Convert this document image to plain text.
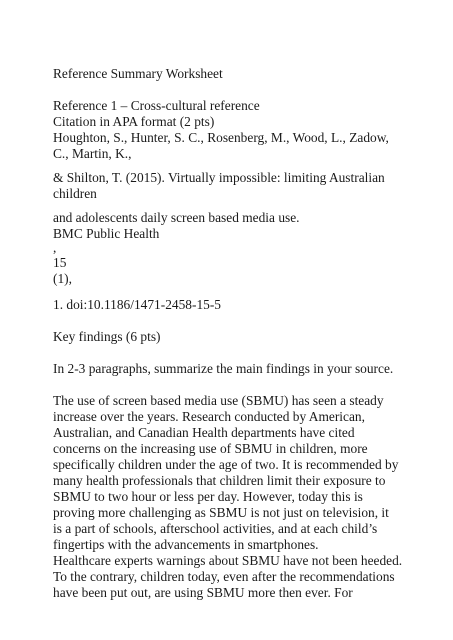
Reference Summary Worksheet

Reference 1 – Cross-cultural reference

Citation in APA format (2 pts)

Houghton, S., Hunter, S. C., Rosenberg, M., Wood, L., Zadow,

C., Martin, K.,

& Shilton, T. (2015). Virtually impossible: limiting Australian

children

and adolescents daily screen based media use.

BMC Public Health

,

15

(1),

1. doi:10.1186/1471-2458-15-5

Key findings (6 pts)

In 2-3 paragraphs, summarize the main findings in your source.

The use of screen based media use (SBMU) has seen a steady

increase over the years. Research conducted by American,

Australian, and Canadian Health departments have cited

concerns on the increasing use of SBMU in children, more

specifically children under the age of two. It is recommended by

many health professionals that children limit their exposure to

SBMU to two hour or less per day. However, today this is

proving more challenging as SBMU is not just on television, it

is a part of schools, afterschool activities, and at each child’s

fingertips with the advancements in smartphones.

Healthcare experts warnings about SBMU have not been heeded.

To the contrary, children today, even after the recommendations

have been put out, are using SBMU more then ever. For
